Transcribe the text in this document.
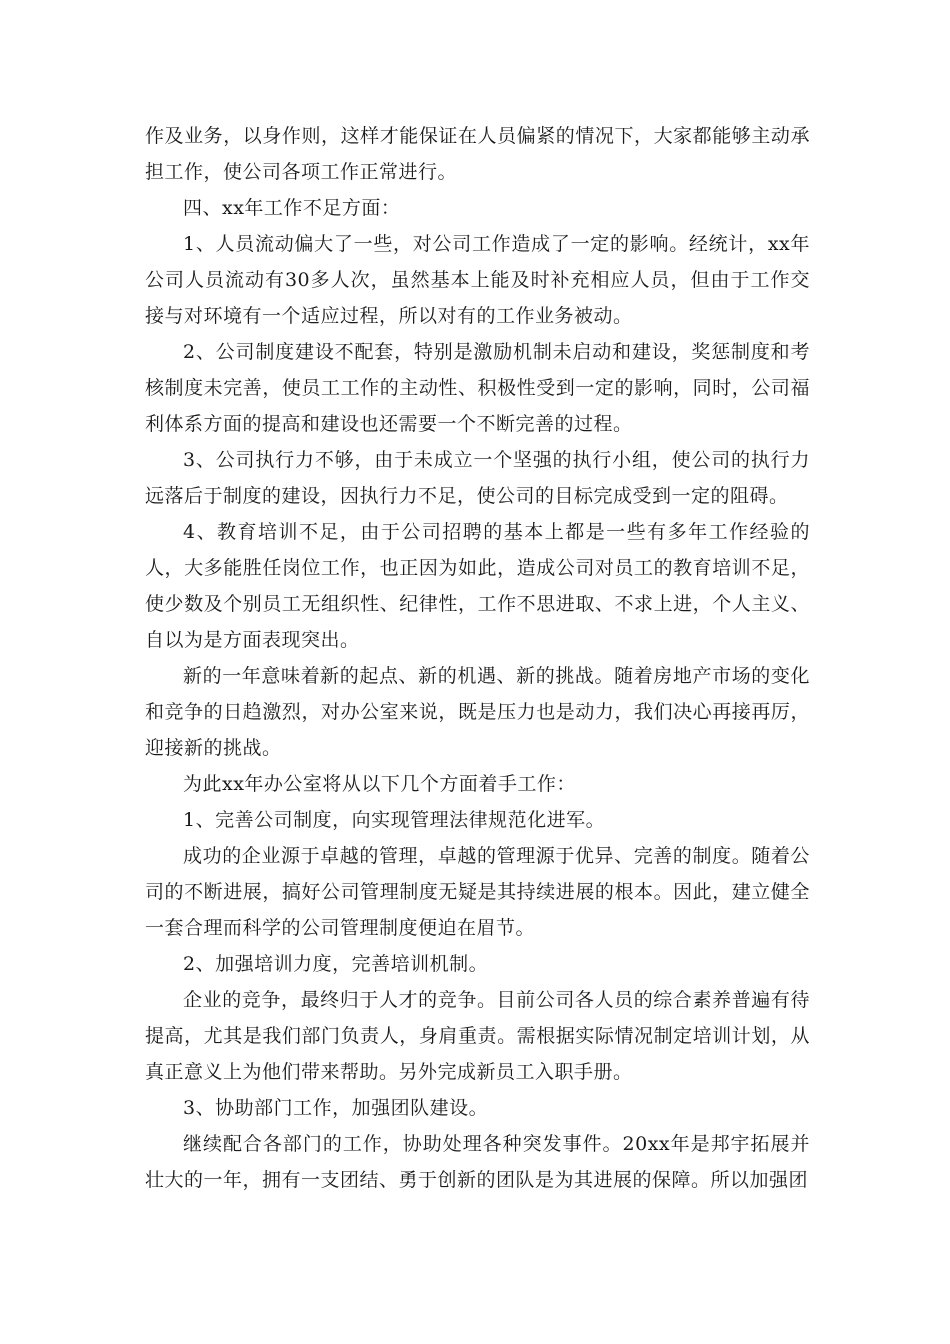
作及业务，以身作则，这样才能保证在人员偏紧的情况下，大家都能够主动承担工作，使公司各项工作正常进行。

四、xx年工作不足方面：

1、人员流动偏大了一些，对公司工作造成了一定的影响。经统计，xx年公司人员流动有30多人次，虽然基本上能及时补充相应人员，但由于工作交接与对环境有一个适应过程，所以对有的工作业务被动。

2、公司制度建设不配套，特别是激励机制未启动和建设，奖惩制度和考核制度未完善，使员工工作的主动性、积极性受到一定的影响，同时，公司福利体系方面的提高和建设也还需要一个不断完善的过程。

3、公司执行力不够，由于未成立一个坚强的执行小组，使公司的执行力远落后于制度的建设，因执行力不足，使公司的目标完成受到一定的阻碍。

4、教育培训不足，由于公司招聘的基本上都是一些有多年工作经验的人，大多能胜任岗位工作，也正因为如此，造成公司对员工的教育培训不足，使少数及个别员工无组织性、纪律性，工作不思进取、不求上进，个人主义、自以为是方面表现突出。

新的一年意味着新的起点、新的机遇、新的挑战。随着房地产市场的变化和竞争的日趋激烈，对办公室来说，既是压力也是动力，我们决心再接再厉，迎接新的挑战。

为此xx年办公室将从以下几个方面着手工作：

1、完善公司制度，向实现管理法律规范化进军。

成功的企业源于卓越的管理，卓越的管理源于优异、完善的制度。随着公司的不断进展，搞好公司管理制度无疑是其持续进展的根本。因此，建立健全一套合理而科学的公司管理制度便迫在眉节。

2、加强培训力度，完善培训机制。

企业的竞争，最终归于人才的竞争。目前公司各人员的综合素养普遍有待提高，尤其是我们部门负责人，身肩重责。需根据实际情况制定培训计划，从真正意义上为他们带来帮助。另外完成新员工入职手册。

3、协助部门工作，加强团队建设。

继续配合各部门的工作，协助处理各种突发事件。20xx年是邦宇拓展并壮大的一年，拥有一支团结、勇于创新的团队是为其进展的保障。所以加强团
